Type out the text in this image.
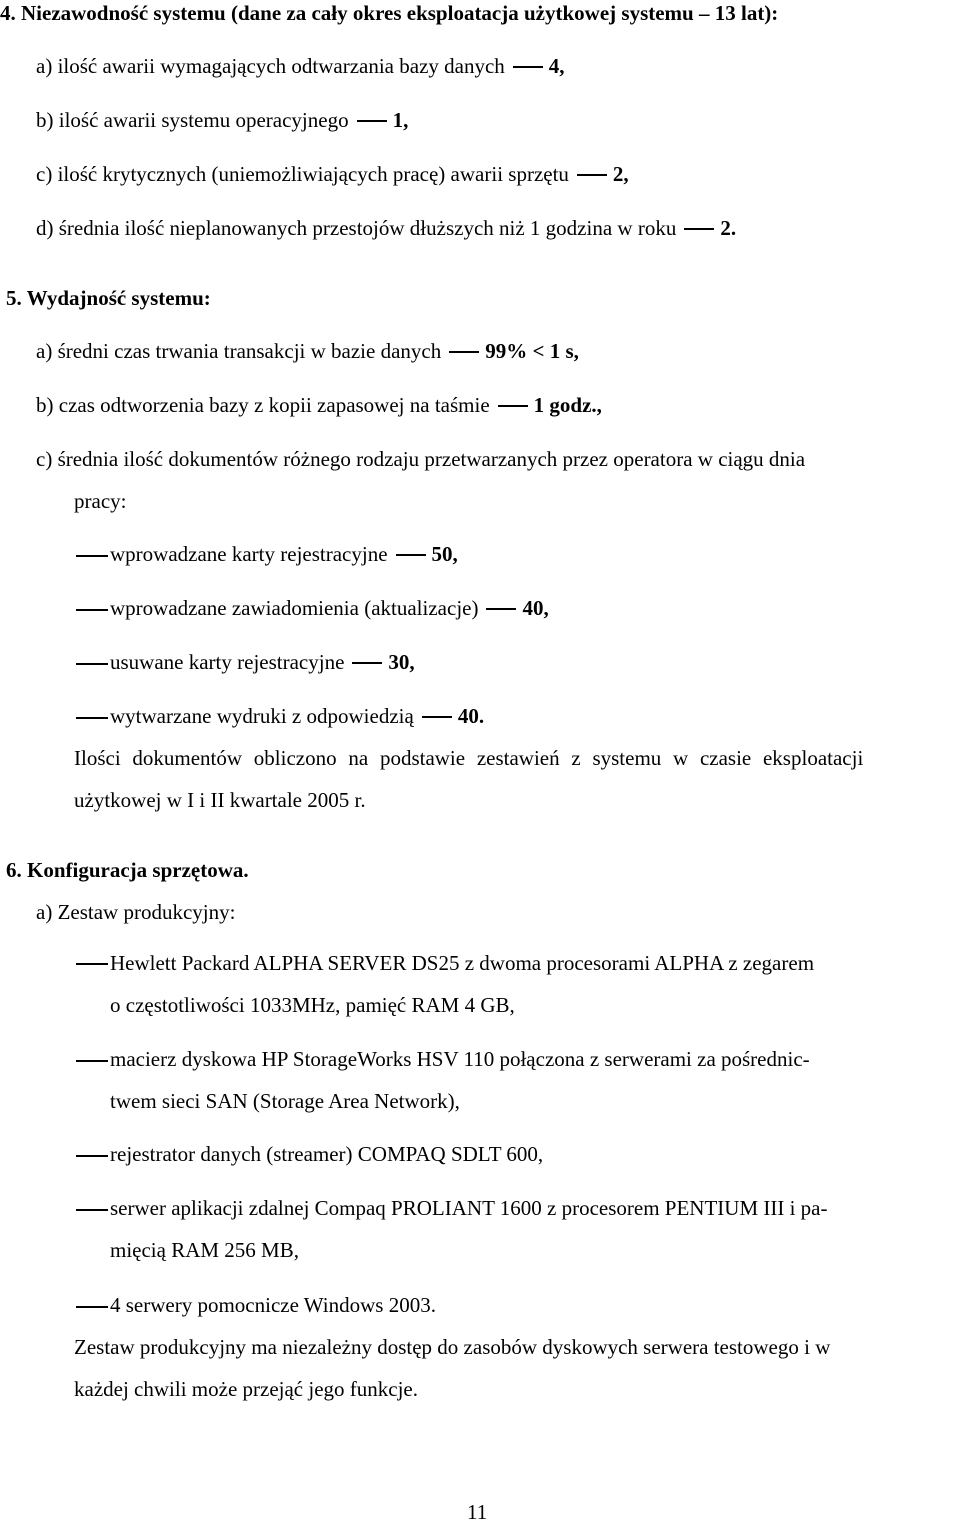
4. Niezawodność systemu (dane za cały okres eksploatacja użytkowej systemu – 13 lat):
a) ilość awarii wymagających odtwarzania bazy danych 4,
b) ilość awarii systemu operacyjnego 1,
c) ilość krytycznych (uniemożliwiających pracę) awarii sprzętu 2,
d) średnia ilość nieplanowanych przestojów dłuższych niż 1 godzina w roku 2.
5. Wydajność systemu:
a) średni czas trwania transakcji w bazie danych 99% < 1 s,
b) czas odtworzenia bazy z kopii zapasowej na taśmie 1 godz.,
c) średnia ilość dokumentów różnego rodzaju przetwarzanych przez operatora w ciągu dnia
pracy:
wprowadzane karty rejestracyjne 50,
wprowadzane zawiadomienia (aktualizacje) 40,
usuwane karty rejestracyjne 30,
wytwarzane wydruki z odpowiedzią 40.
Ilości dokumentów obliczono na podstawie zestawień z systemu w czasie eksploatacji
użytkowej w I i II kwartale 2005 r.
6. Konfiguracja sprzętowa.
a) Zestaw produkcyjny:
Hewlett Packard ALPHA SERVER DS25 z dwoma procesorami ALPHA z zegarem
o częstotliwości 1033MHz, pamięć RAM 4 GB,
macierz dyskowa HP StorageWorks HSV 110 połączona z serwerami za pośrednic-
twem sieci SAN (Storage Area Network),
rejestrator danych (streamer) COMPAQ SDLT 600,
serwer aplikacji zdalnej Compaq PROLIANT 1600 z procesorem PENTIUM III i pa-
mięcią RAM 256 MB,
4 serwery pomocnicze Windows 2003.
Zestaw produkcyjny ma niezależny dostęp do zasobów dyskowych serwera testowego i w
każdej chwili może przejąć jego funkcje.
11
